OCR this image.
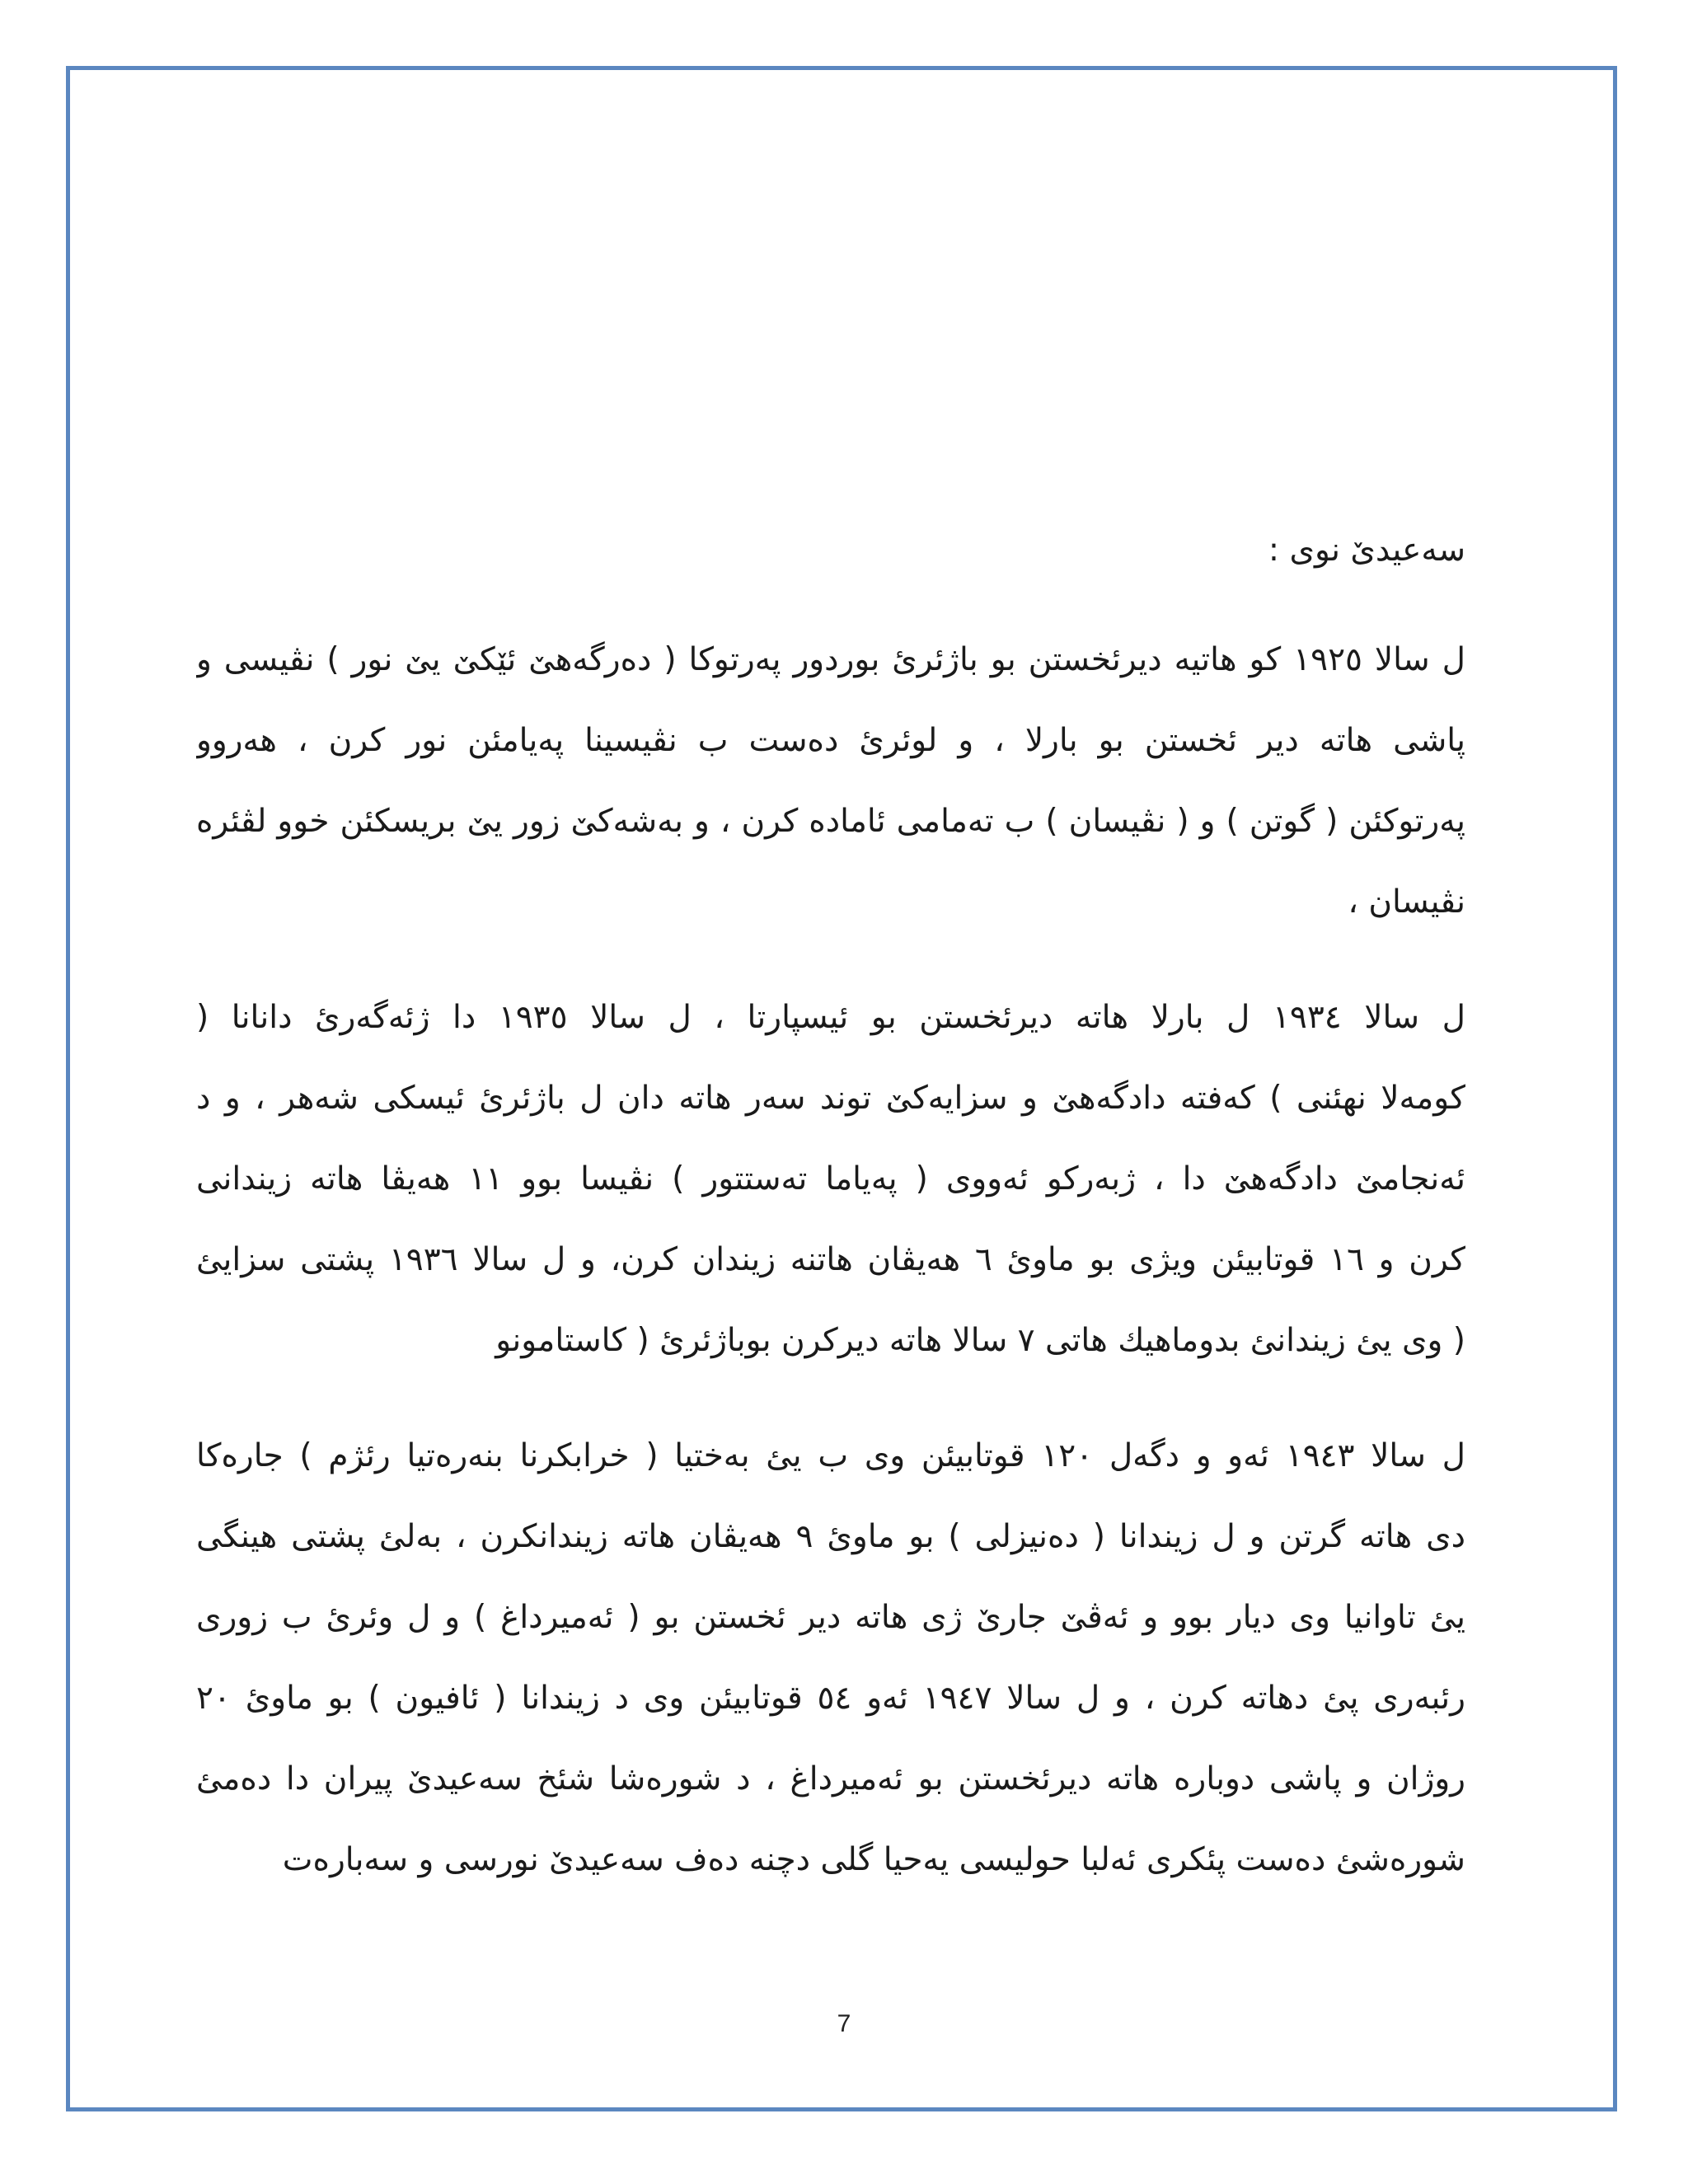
سەعیدێ نوی :
ل سالا ١٩٢٥ کو هاتیە دیرئخستن بو باژئرئ بوردور پەرتوکا ( دەرگەهێ ئێکێ یێ نور ) نڤیسی و
پاشی هاتە دیر ئخستن بو بارلا ، و لوئرئ دەست ب نڤیسینا پەیامئن نور کرن ، هەروو
پەرتوکئن ( گوتن ) و ( نڤیسان ) ب تەمامی ئامادە کرن ، و بەشەکێ زور یێ بریسکئن خوو لڤئرە
نڤیسان ،
ل سالا ١٩٣٤ ل بارلا هاتە دیرئخستن بو ئیسپارتا ، ل سالا ١٩٣٥ دا ژئەگەرئ دانانا (
کومەلا نهئنی ) کەفتە دادگەهێ و سزایەکێ توند سەر هاتە دان ل باژئرئ ئیسکی شەهر ، و د
ئەنجامێ دادگەهێ دا ، ژبەرکو ئەووی ( پەیاما تەستتور ) نڤیسا بوو ١١ هەیڤا هاتە زیندانی
کرن و ١٦ قوتابیئن ویژی بو ماوئ ٦ هەیڤان هاتنە زیندان کرن، و ل سالا ١٩٣٦ پشتی سزایئ
( وی یئ زیندانئ بدوماهیك هاتی ٧ سالا هاتە دیرکرن بوباژئرئ ( کاستامونو
ل سالا ١٩٤٣ ئەو و دگەل ١٢٠ قوتابیئن وی ب یئ بەختیا ( خرابکرنا بنەرەتیا رئژم ) جارەکا
دی هاتە گرتن و ل زیندانا ( دەنیزلی ) بو ماوئ ٩ هەیڤان هاتە زیندانکرن ، بەلئ پشتی هینگی
یئ تاوانیا وی دیار بوو و ئەڤێ جارێ ژی هاتە دیر ئخستن بو ( ئەمیرداغ ) و ل وئرئ ب زوری
رئبەری پئ دهاتە کرن ، و ل سالا ١٩٤٧ ئەو ٥٤ قوتابیئن وی د زیندانا ( ئافیون ) بو ماوئ ٢٠
روژان و پاشی دوبارە هاتە دیرئخستن بو ئەمیرداغ ، د شورەشا شئخ سەعیدێ پیران دا دەمئ
شورەشئ دەست پئکری ئەلبا حولیسی یەحیا گلی دچنە دەف سەعیدێ نورسی و سەبارەت
7
